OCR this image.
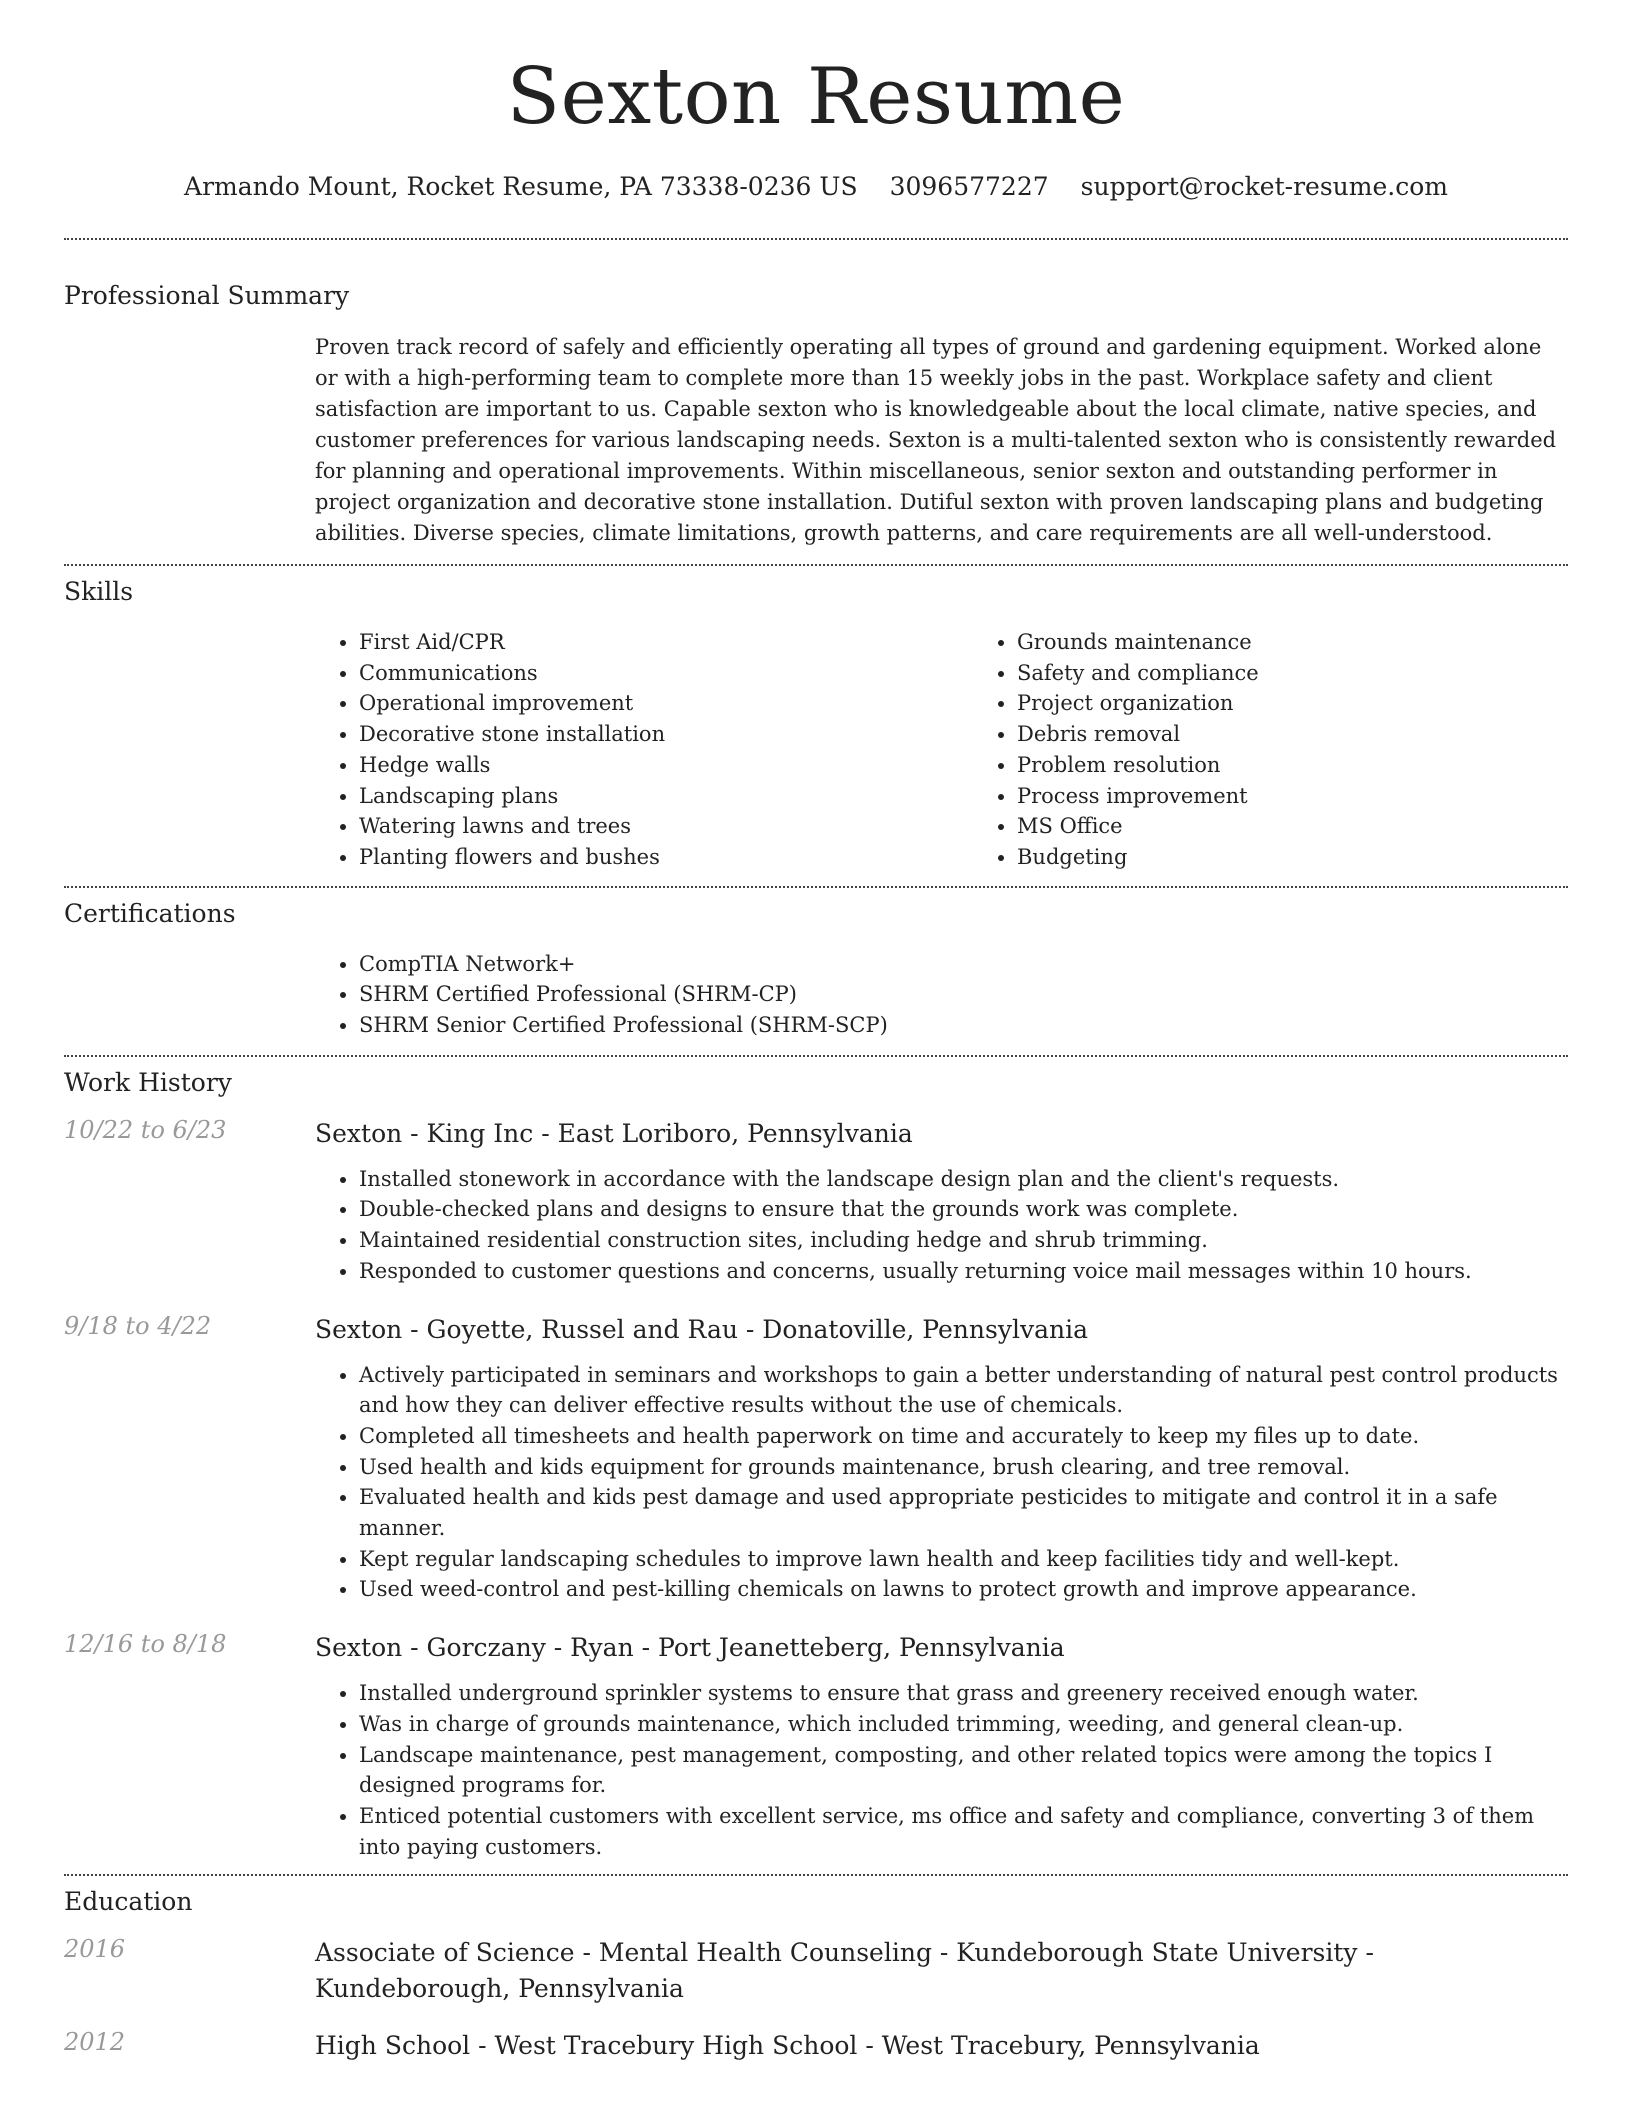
Sexton Resume
Armando Mount, Rocket Resume, PA 73338-0236 US 3096577227 support@rocket-resume.com
Professional Summary
Proven track record of safely and efficiently operating all types of ground and gardening equipment. Worked alone or with a high-performing team to complete more than 15 weekly jobs in the past. Workplace safety and client satisfaction are important to us. Capable sexton who is knowledgeable about the local climate, native species, and customer preferences for various landscaping needs. Sexton is a multi-talented sexton who is consistently rewarded for planning and operational improvements. Within miscellaneous, senior sexton and outstanding performer in project organization and decorative stone installation. Dutiful sexton with proven landscaping plans and budgeting abilities. Diverse species, climate limitations, growth patterns, and care requirements are all well-understood.
Skills
• First Aid/CPR
• Communications
• Operational improvement
• Decorative stone installation
• Hedge walls
• Landscaping plans
• Watering lawns and trees
• Planting flowers and bushes
• Grounds maintenance
• Safety and compliance
• Project organization
• Debris removal
• Problem resolution
• Process improvement
• MS Office
• Budgeting
Certifications
• CompTIA Network+
• SHRM Certified Professional (SHRM-CP)
• SHRM Senior Certified Professional (SHRM-SCP)
Work History
10/22 to 6/23	Sexton - King Inc - East Loriboro, Pennsylvania
• Installed stonework in accordance with the landscape design plan and the client's requests.
• Double-checked plans and designs to ensure that the grounds work was complete.
• Maintained residential construction sites, including hedge and shrub trimming.
• Responded to customer questions and concerns, usually returning voice mail messages within 10 hours.
9/18 to 4/22	Sexton - Goyette, Russel and Rau - Donatoville, Pennsylvania
• Actively participated in seminars and workshops to gain a better understanding of natural pest control products and how they can deliver effective results without the use of chemicals.
• Completed all timesheets and health paperwork on time and accurately to keep my files up to date.
• Used health and kids equipment for grounds maintenance, brush clearing, and tree removal.
• Evaluated health and kids pest damage and used appropriate pesticides to mitigate and control it in a safe manner.
• Kept regular landscaping schedules to improve lawn health and keep facilities tidy and well-kept.
• Used weed-control and pest-killing chemicals on lawns to protect growth and improve appearance.
12/16 to 8/18	Sexton - Gorczany - Ryan - Port Jeanetteberg, Pennsylvania
• Installed underground sprinkler systems to ensure that grass and greenery received enough water.
• Was in charge of grounds maintenance, which included trimming, weeding, and general clean-up.
• Landscape maintenance, pest management, composting, and other related topics were among the topics I designed programs for.
• Enticed potential customers with excellent service, ms office and safety and compliance, converting 3 of them into paying customers.
Education
2016	Associate of Science - Mental Health Counseling - Kundeborough State University - Kundeborough, Pennsylvania
2012	High School - West Tracebury High School - West Tracebury, Pennsylvania
